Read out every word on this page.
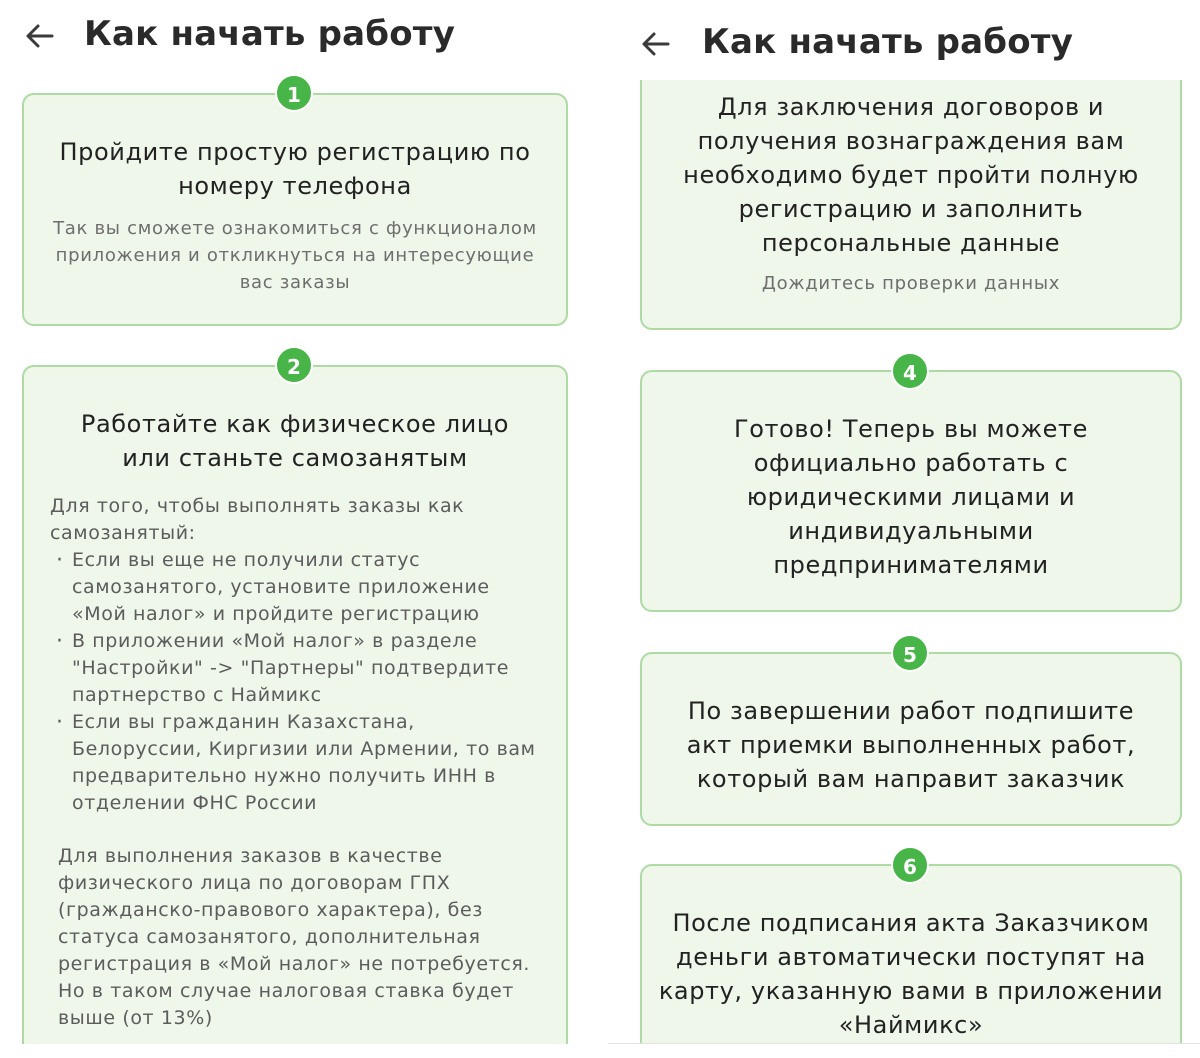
Как начать работу
Пройдите простую регистрацию по номеру телефона
Так вы сможете ознакомиться с функционалом приложения и откликнуться на интересующие вас заказы
1
Работайте как физическое лицо или станьте самозанятым
Для того, чтобы выполнять заказы как самозанятый:
· Если вы еще не получили статус самозанятого, установите приложение «Мой налог» и пройдите регистрацию
· В приложении «Мой налог» в разделе "Настройки" -> "Партнеры" подтвердите партнерство с Наймикс
· Если вы гражданин Казахстана, Белоруссии, Киргизии или Армении, то вам предварительно нужно получить ИНН в отделении ФНС России
Для выполнения заказов в качестве физического лица по договорам ГПХ (гражданско-правового характера), без статуса самозанятого, дополнительная регистрация в «Мой налог» не потребуется. Но в таком случае налоговая ставка будет выше (от 13%)
2
Как начать работу
Для заключения договоров и получения вознаграждения вам необходимо будет пройти полную регистрацию и заполнить персональные данные
Дождитесь проверки данных
Готово! Теперь вы можете официально работать с юридическими лицами и индивидуальными предпринимателями
4
По завершении работ подпишите акт приемки выполненных работ, который вам направит заказчик
5
После подписания акта Заказчиком деньги автоматически поступят на карту, указанную вами в приложении «Наймикс»
6
